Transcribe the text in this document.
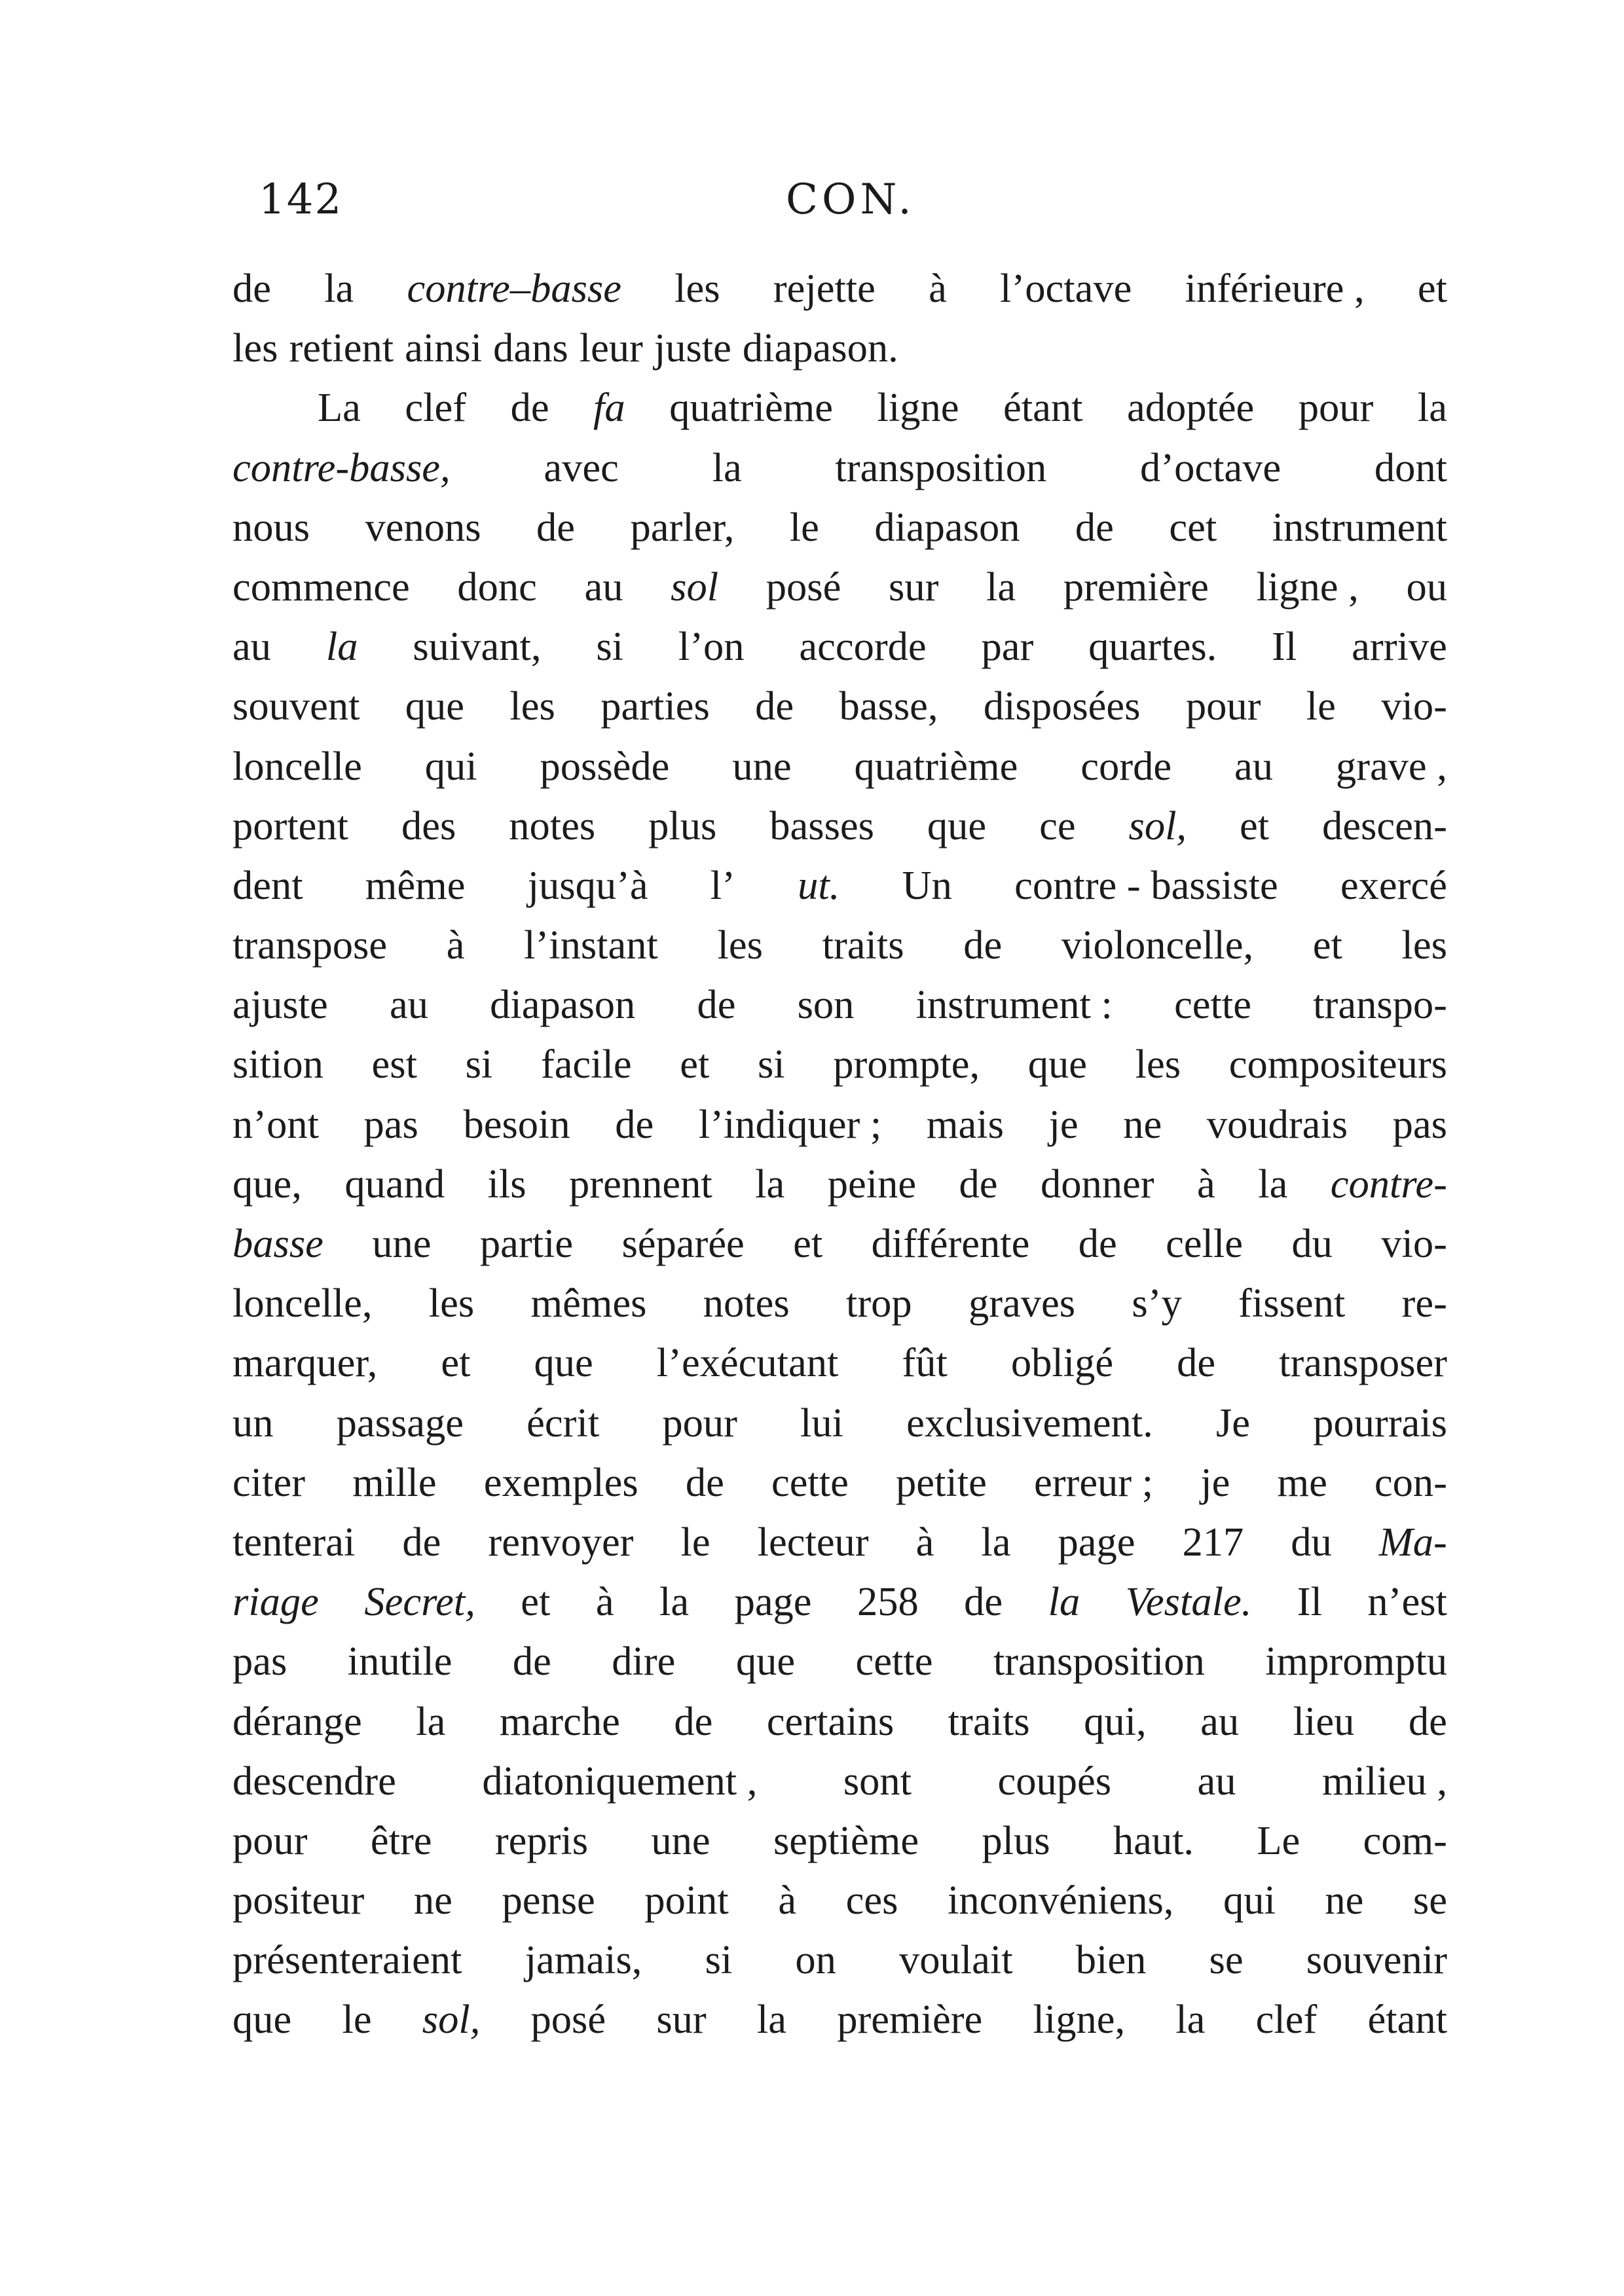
142	CON.
de la contre–basse les rejette à l’octave inférieure , et
les retient ainsi dans leur juste diapason.
La clef de fa quatrième ligne étant adoptée pour la
contre-basse, avec la transposition d’octave dont
nous venons de parler, le diapason de cet instrument
commence donc au sol posé sur la première ligne , ou
au la suivant, si l’on accorde par quartes. Il arrive
souvent que les parties de basse, disposées pour le vio-
loncelle qui possède une quatrième corde au grave ,
portent des notes plus basses que ce sol, et descen-
dent même jusqu’à l’ ut. Un contre - bassiste exercé
transpose à l’instant les traits de violoncelle, et les
ajuste au diapason de son instrument : cette transpo-
sition est si facile et si prompte, que les compositeurs
n’ont pas besoin de l’indiquer ; mais je ne voudrais pas
que, quand ils prennent la peine de donner à la contre-
basse une partie séparée et différente de celle du vio-
loncelle, les mêmes notes trop graves s’y fissent re-
marquer, et que l’exécutant fût obligé de transposer
un passage écrit pour lui exclusivement. Je pourrais
citer mille exemples de cette petite erreur ; je me con-
tenterai de renvoyer le lecteur à la page 217 du Ma-
riage Secret, et à la page 258 de la Vestale. Il n’est
pas inutile de dire que cette transposition impromptu
dérange la marche de certains traits qui, au lieu de
descendre diatoniquement , sont coupés au milieu ,
pour être repris une septième plus haut. Le com-
positeur ne pense point à ces inconvéniens, qui ne se
présenteraient jamais, si on voulait bien se souvenir
que le sol, posé sur la première ligne, la clef étant
